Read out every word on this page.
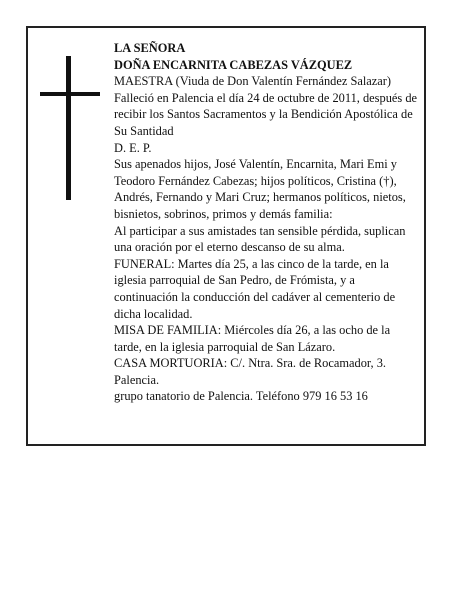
LA SEÑORA

DOÑA ENCARNITA CABEZAS VÁZQUEZ

MAESTRA (Viuda de Don Valentín Fernández Salazar)

Falleció en Palencia el día 24 de octubre de 2011, después de recibir los Santos Sacramentos y la Bendición Apostólica de Su Santidad

D. E. P.

Sus apenados hijos, José Valentín, Encarnita, Mari Emi y Teodoro Fernández Cabezas; hijos políticos, Cristina (†), Andrés, Fernando y Mari Cruz; hermanos políticos, nietos, bisnietos, sobrinos, primos y demás familia:

Al participar a sus amistades tan sensible pérdida, suplican una oración por el eterno descanso de su alma.

FUNERAL: Martes día 25, a las cinco de la tarde, en la iglesia parroquial de San Pedro, de Frómista, y a continuación la conducción del cadáver al cementerio de dicha localidad.

MISA DE FAMILIA: Miércoles día 26, a las ocho de la tarde, en la iglesia parroquial de San Lázaro.

CASA MORTUORIA: C/. Ntra. Sra. de Rocamador, 3. Palencia.

grupo tanatorio de Palencia. Teléfono 979 16 53 16
